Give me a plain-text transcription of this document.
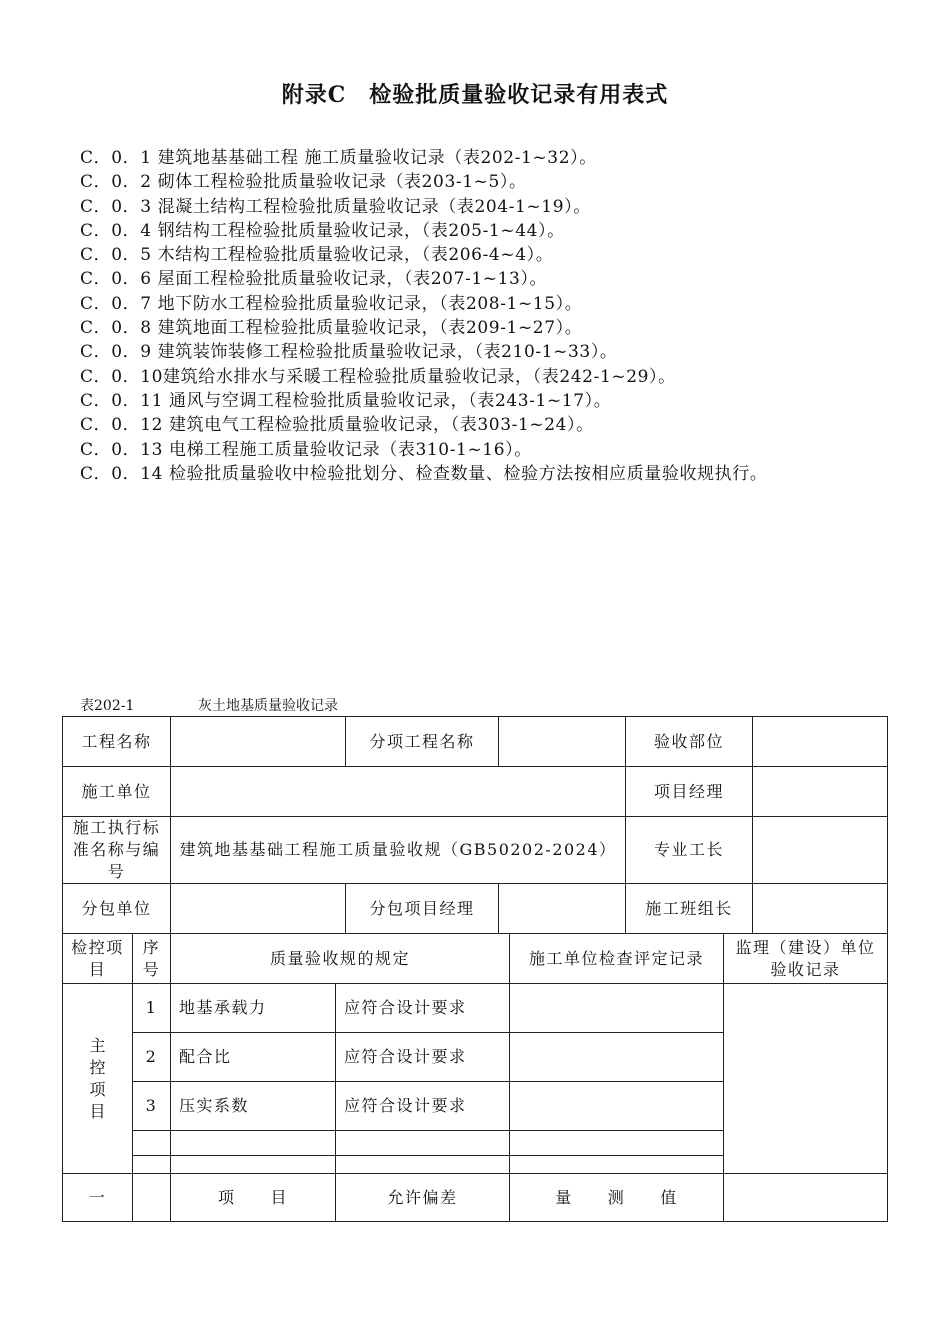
附录C　检验批质量验收记录有用表式
C．0．1 建筑地基基础工程 施工质量验收记录（表202-1~32）。
C．0．2 砌体工程检验批质量验收记录（表203-1~5）。
C．0．3 混凝土结构工程检验批质量验收记录（表204-1~19）。
C．0．4 钢结构工程检验批质量验收记录，（表205-1~44）。
C．0．5 木结构工程检验批质量验收记录，（表206-4~4）。
C．0．6 屋面工程检验批质量验收记录，（表207-1~13）。
C．0．7 地下防水工程检验批质量验收记录，（表208-1~15）。
C．0．8 建筑地面工程检验批质量验收记录，（表209-1~27）。
C．0．9 建筑装饰装修工程检验批质量验收记录，（表210-1~33）。
C．0．10建筑给水排水与采暖工程检验批质量验收记录，（表242-1~29）。
C．0．11 通风与空调工程检验批质量验收记录，（表243-1~17）。
C．0．12 建筑电气工程检验批质量验收记录，（表303-1~24）。
C．0．13 电梯工程施工质量验收记录（表310-1~16）。
C．0．14 检验批质量验收中检验批划分、检查数量、检验方法按相应质量验收规执行。
表202-1	灰土地基质量验收记录
工程名称				分项工程名称			验收部位		
施工单位							项目经理		
施工执行标准名称与编号		建筑地基基础工程施工质量验收规（GB50202-2024）					专业工长		
分包单位				分包项目经理			施工班组长		
检控项目	序号	质量验收规的规定				施工单位检查评定记录		监理（建设）单位验收记录	

主控项目	1	地基承载力	应符合设计要求						
	2	配合比	应符合设计要求						
	3	压实系数	应符合设计要求						

一		项　　目	允许偏差			量　　测　　值			
